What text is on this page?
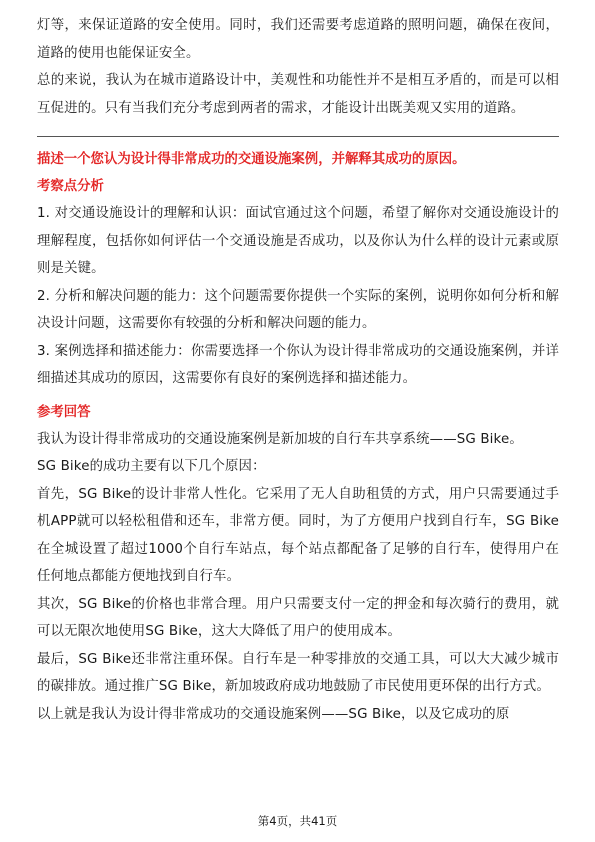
灯等，来保证道路的安全使用。同时，我们还需要考虑道路的照明问题，确保在夜间，道路的使用也能保证安全。

总的来说，我认为在城市道路设计中，美观性和功能性并不是相互矛盾的，而是可以相互促进的。只有当我们充分考虑到两者的需求，才能设计出既美观又实用的道路。

描述一个您认为设计得非常成功的交通设施案例，并解释其成功的原因。

考察点分析

1. 对交通设施设计的理解和认识：面试官通过这个问题，希望了解你对交通设施设计的理解程度，包括你如何评估一个交通设施是否成功，以及你认为什么样的设计元素或原则是关键。

2. 分析和解决问题的能力：这个问题需要你提供一个实际的案例，说明你如何分析和解决设计问题，这需要你有较强的分析和解决问题的能力。

3. 案例选择和描述能力：你需要选择一个你认为设计得非常成功的交通设施案例，并详细描述其成功的原因，这需要你有良好的案例选择和描述能力。

参考回答

我认为设计得非常成功的交通设施案例是新加坡的自行车共享系统——SG Bike。

SG Bike的成功主要有以下几个原因：

首先，SG Bike的设计非常人性化。它采用了无人自助租赁的方式，用户只需要通过手机APP就可以轻松租借和还车，非常方便。同时，为了方便用户找到自行车，SG Bike在全城设置了超过1000个自行车站点，每个站点都配备了足够的自行车，使得用户在任何地点都能方便地找到自行车。

其次，SG Bike的价格也非常合理。用户只需要支付一定的押金和每次骑行的费用，就可以无限次地使用SG Bike，这大大降低了用户的使用成本。

最后，SG Bike还非常注重环保。自行车是一种零排放的交通工具，可以大大减少城市的碳排放。通过推广SG Bike，新加坡政府成功地鼓励了市民使用更环保的出行方式。

以上就是我认为设计得非常成功的交通设施案例——SG Bike，以及它成功的原

第4页，共41页
